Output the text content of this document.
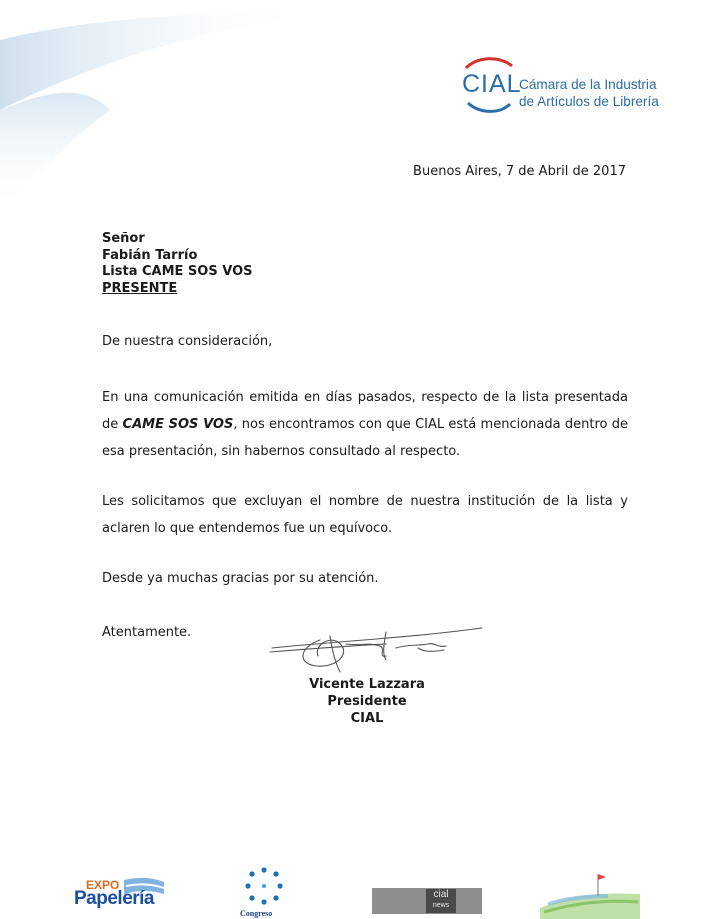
CIAL
Cámara de la Industria
de Artículos de Librería
Buenos Aires, 7 de Abril de 2017
Señor
Fabián Tarrío
Lista CAME SOS VOS
PRESENTE
De nuestra consideración,
En una comunicación emitida en días pasados, respecto de la lista presentada de CAME SOS VOS, nos encontramos con que CIAL está mencionada dentro de esa presentación, sin habernos consultado al respecto.
Les solicitamos que excluyan el nombre de nuestra institución de la lista y aclaren lo que entendemos fue un equívoco.
Desde ya muchas gracias por su atención.
Atentamente.
Vicente Lazzara
Presidente
CIAL
EXPO
Papelería
Congreso
cial
news
